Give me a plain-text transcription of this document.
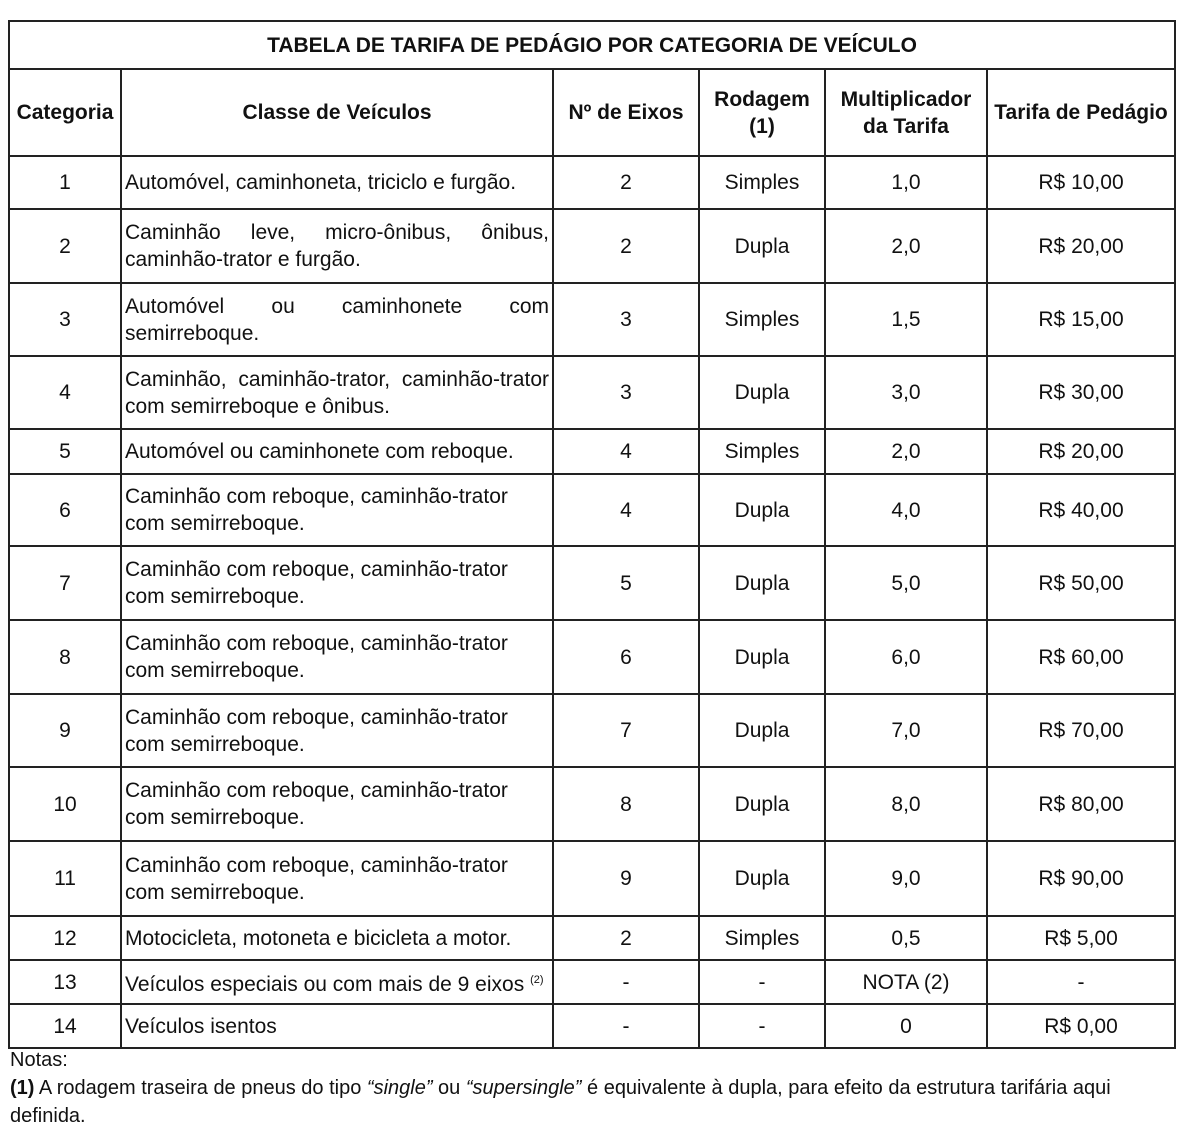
TABELA DE TARIFA DE PEDÁGIO POR CATEGORIA DE VEÍCULO					
Categoria	Classe de Veículos	Nº de Eixos	Rodagem (1)	Multiplicador da Tarifa	Tarifa de Pedágio
1	Automóvel, caminhoneta, triciclo e furgão.	2	Simples	1,0	R$ 10,00
2	Caminhão leve, micro-ônibus, ônibus, caminhão-trator e furgão.	2	Dupla	2,0	R$ 20,00
3	Automóvel ou caminhonete com semirreboque.	3	Simples	1,5	R$ 15,00
4	Caminhão, caminhão-trator, caminhão-trator com semirreboque e ônibus.	3	Dupla	3,0	R$ 30,00
5	Automóvel ou caminhonete com reboque.	4	Simples	2,0	R$ 20,00
6	Caminhão com reboque, caminhão-trator com semirreboque.	4	Dupla	4,0	R$ 40,00
7	Caminhão com reboque, caminhão-trator com semirreboque.	5	Dupla	5,0	R$ 50,00
8	Caminhão com reboque, caminhão-trator com semirreboque.	6	Dupla	6,0	R$ 60,00
9	Caminhão com reboque, caminhão-trator com semirreboque.	7	Dupla	7,0	R$ 70,00
10	Caminhão com reboque, caminhão-trator com semirreboque.	8	Dupla	8,0	R$ 80,00
11	Caminhão com reboque, caminhão-trator com semirreboque.	9	Dupla	9,0	R$ 90,00
12	Motocicleta, motoneta e bicicleta a motor.	2	Simples	0,5	R$ 5,00
13	Veículos especiais ou com mais de 9 eixos $^{(2)}$	-	-	NOTA (2)	-
14	Veículos isentos	-	-	0	R$ 0,00
Notas:
(1) A rodagem traseira de pneus do tipo “single” ou “supersingle” é equivalente à dupla, para efeito da estrutura tarifária aqui definida.
